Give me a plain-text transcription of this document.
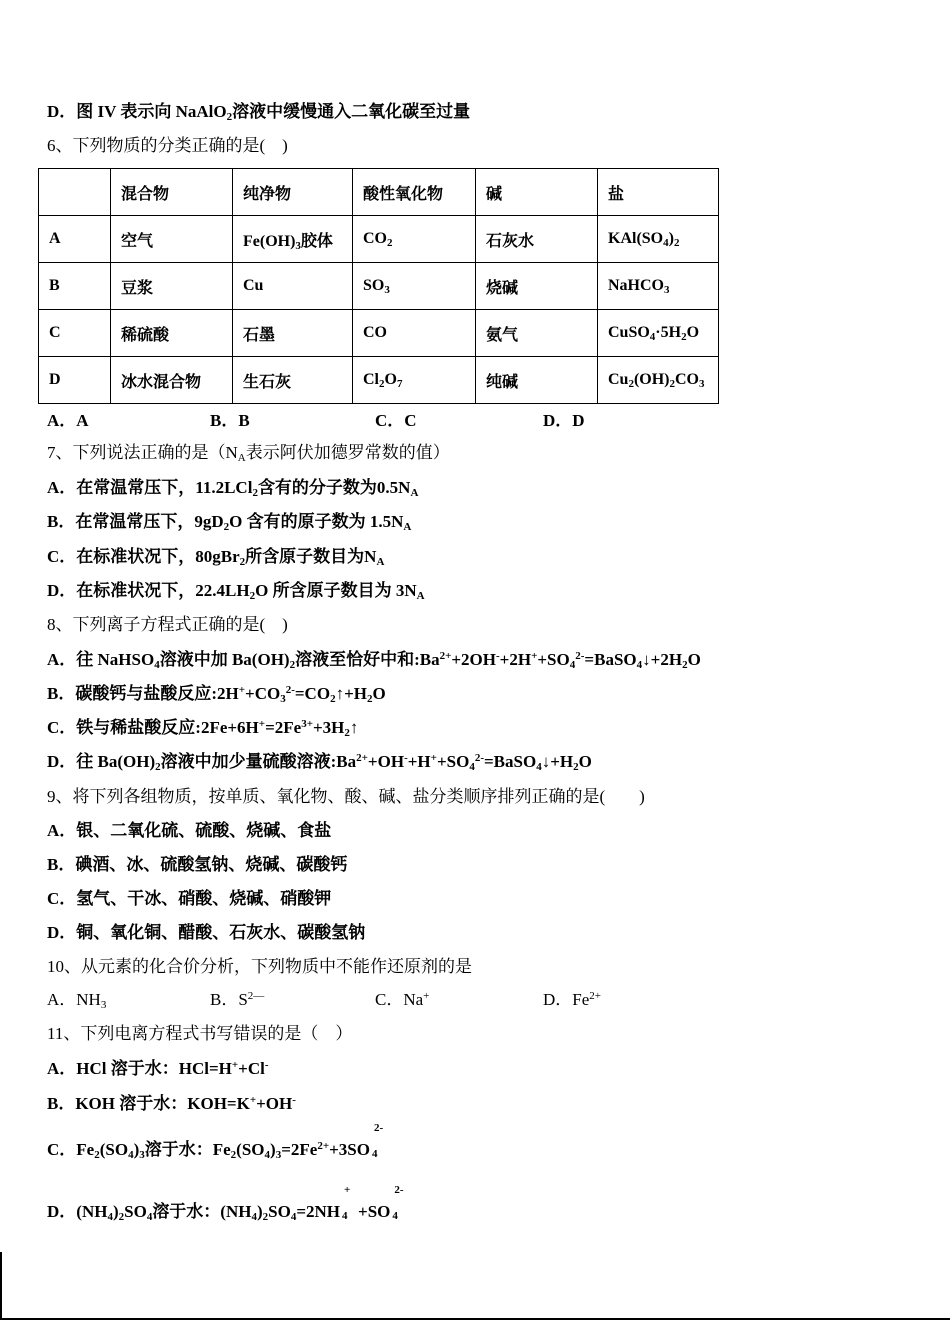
D．图 IV 表示向 NaAlO$_2$溶液中缓慢通入二氧化碳至过量
6、下列物质的分类正确的是(　)
	混合物	纯净物	酸性氧化物	碱	盐
A	空气	$Fe(OH)_3$胶体	$CO_2$	石灰水	$KAl(SO_4)_2$
B	豆浆	Cu	$SO_3$	烧碱	NaHCO$_3$
C	稀硫酸	石墨	CO	氨气	$CuSO_4\cdot 5H_2O$
D	冰水混合物	生石灰	$Cl_2O_7$	纯碱	$Cu_2(OH)_2CO_3$
A．A	B．B	C．C	D．D
7、下列说法正确的是（$N_A$表示阿伏加德罗常数的值）
A．在常温常压下，11.2LCl$_2$含有的分子数为$0.5N_A$
B．在常温常压下，$9gD_2O$ 含有的原子数为 $1.5N_A$
C．在标准状况下，80gBr$_2$所含原子数目为$N_A$
D．在标准状况下，$22.4LH_2O$ 所含原子数目为 $3N_A$
8、下列离子方程式正确的是(　)
A．往 NaHSO$_4$溶液中加 $Ba(OH)_2$溶液至恰好中和$:Ba^{2+}+2OH^-+2H^++SO_4^{2-}=BaSO_4↓+2H_2O$
B．碳酸钙与盐酸反应$:2H^++CO_3^{2-}=CO_2↑+H_2O$
C．铁与稀盐酸反应$:2Fe+6H^+=2Fe^{3+}+3H_2↑$
D．往 $Ba(OH)_2$溶液中加少量硫酸溶液$:Ba^{2+}+OH^-+H^++SO_4^{2-}=BaSO_4↓+H_2O$
9、将下列各组物质，按单质、氧化物、酸、碱、盐分类顺序排列正确的是(　　)
A．银、二氧化硫、硫酸、烧碱、食盐
B．碘酒、冰、硫酸氢钠、烧碱、碳酸钙
C．氢气、干冰、硝酸、烧碱、硝酸钾
D．铜、氧化铜、醋酸、石灰水、碳酸氢钠
10、从元素的化合价分析，下列物质中不能作还原剂的是
A．$NH_3$	B．$S^{2—}$	C．Na+	D．$Fe^{2+}$
11、下列电离方程式书写错误的是（　）
A．HCl 溶于水：HCl=H++Cl-
B．KOH 溶于水：KOH=K++OH-
C．$Fe_2(SO_4)_3$溶于水：$Fe_2(SO_4)_3=2Fe^{2+}+3SO$
2-
4
D．$(NH_4)_2SO_4$溶于水：$(NH_4)_2SO_4=2NH$
+
4 +SO
2-
4
